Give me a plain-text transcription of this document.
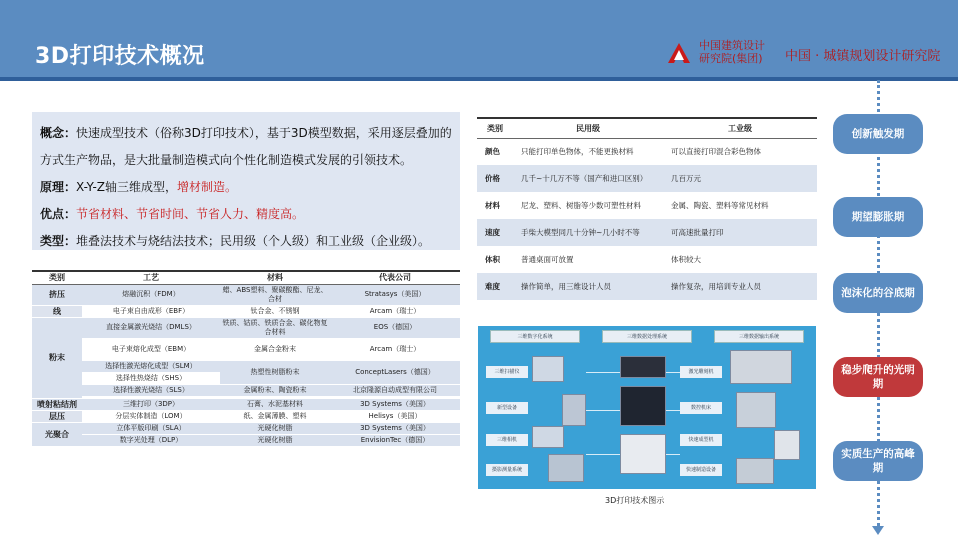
3D打印技术概况	中国建筑设计
研究院(集团) 中国 · 城镇规划设计研究院

概念：快速成型技术（俗称3D打印技术），基于3D模型数据，采用逐层叠加的方式生产物品，是大批量制造模式向个性化制造模式发展的引领技术。

原理：X-Y-Z轴三维成型，增材制造。

优点：节省材料、节省时间、节省人力、精度高。

类型：堆叠法技术与烧结法技术；民用级（个人级）和工业级（企业级）。

类别	工艺	材料	代表公司
挤压	熔融沉积（FDM）	蜡、ABS塑料、聚碳酸酯、尼龙、合材	Stratasys（美国）
线	电子束自由成形（EBF）	钛合金、不锈钢	Arcam（瑞士）
粉末	直接金属激光烧结（DMLS）	铁质、钴质、铁质合金、碳化物复合材料	EOS（德国）
	电子束熔化成型（EBM）	金属合金粉末	Arcam（瑞士）
	选择性激光熔化成型（SLM）	热塑性树脂粉末	ConceptLasers（德国）
	选择性热烧结（SHS）		
	选择性激光烧结（SLS）	金属粉末、陶瓷粉末	北京隆源自动成型有限公司

喷射粘结剂	三维打印（3DP）	石膏、水泥基材料	3D Systems（美国）
层压	分层实体制造（LOM）	纸、金属薄膜、塑料	Helisys（美国）
光聚合	立体平版印刷（SLA）	光硬化树脂	3D Systems（美国）
	数字光处理（DLP）	光硬化树脂	EnvisionTec（德国）
类别	民用级	工业级
颜色	只能打印单色物体，不能更换材料	可以直接打印混合彩色物体
价格	几千~十几万不等（国产和进口区别）	几百万元
材料	尼龙、塑料、树脂等少数可塑性材料	金属、陶瓷、塑料等常见材料
速度	手柴大模型同几十分钟~几小时不等	可高速批量打印
体积	普通桌面可放置	体积较大
难度	操作简单，用三维设计人员	操作复杂，用培训专业人员
三维数字化系统	三维数据处理系统	三维数据输出系统
三维扫描仪
新型设备
三维相机
摄影测量系统
激光雕刻机
数控机床
快速成型机
快速制造设备
3D打印技术图示
创新触发期
期望膨胀期
泡沫化的谷底期
稳步爬升的光明期
实质生产的高峰期
